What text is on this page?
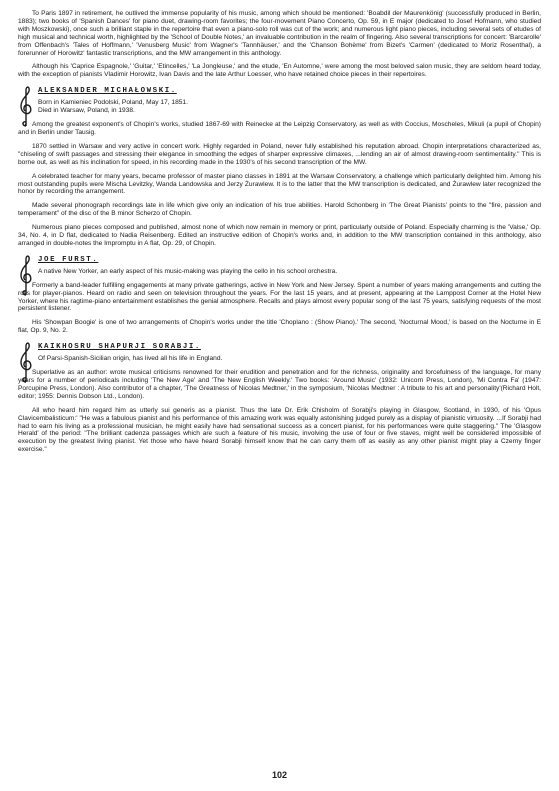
To Paris 1897 in retirement, he outlived the immense popularity of his music, among which should be mentioned: 'Boabdil der Maurenkönig' (successfully produced in Berlin, 1883); two books of 'Spanish Dances' for piano duet, drawing-room favorites; the four-movement Piano Concerto, Op. 59, in E major (dedicated to Josef Hofmann, who studied with Moszkowski), once such a brilliant staple in the repertoire that even a piano-solo roll was cut of the work; and numerous light piano pieces, including several sets of etudes of high musical and technical worth, highlighted by the 'School of Double Notes,' an invaluable contribution in the realm of fingering. Also several transcriptions for concert: 'Barcarolle' from Offenbach's 'Tales of Hoffmann,' 'Venusberg Music' from Wagner's 'Tannhäuser,' and the 'Chanson Bohème' from Bizet's 'Carmen' (dedicated to Moriz Rosenthal), a forerunner of Horowitz' fantastic transcriptions, and the MW arrangement in this anthology.

Although his 'Caprice Espagnole,' 'Guitar,' 'Etincelles,' 'La Jongleuse,' and the etude, 'En Automne,' were among the most beloved salon music, they are seldom heard today, with the exception of pianists Vladimir Horowitz, Ivan Davis and the late Arthur Loesser, who have retained choice pieces in their repertoires.

ALEKSANDER MICHAŁOWSKI.

Born in Kamieniec Podolski, Poland, May 17, 1851.

Died in Warsaw, Poland, in 1938.

Among the greatest exponent's of Chopin's works, studied 1867-69 with Reinecke at the Leipzig Conservatory, as well as with Coccius, Moscheles, Mikuli (a pupil of Chopin) and in Berlin under Tausig.

1870 settled in Warsaw and very active in concert work. Highly regarded in Poland, never fully established his reputation abroad. Chopin interpretations characterized as, "chiseling of swift passages and stressing their elegance in smoothing the edges of sharper expressive climaxes, ...lending an air of almost drawing-room sentimentality." This is borne out, as well as his inclination for speed, in his recording made in the 1930's of his second transcription of the MW.

A celebrated teacher for many years, became professor of master piano classes in 1891 at the Warsaw Conservatory, a challenge which particularly delighted him. Among his most outstanding pupils were Mischa Levitzky, Wanda Landowska and Jerzy Żurawlew. It is to the latter that the MW transcription is dedicated, and Żurawlew later recognized the honor by recording the arrangement.

Made several phonograph recordings late in life which give only an indication of his true abilities. Harold Schonberg in 'The Great Pianists' points to the "fire, passion and temperament" of the disc of the B minor Scherzo of Chopin.

Numerous piano pieces composed and published, almost none of which now remain in memory or print, particularly outside of Poland. Especially charming is the 'Valse,' Op. 34, No. 4, in D flat, dedicated to Nadia Reisenberg. Edited an instructive edition of Chopin's works and, in addition to the MW transcription contained in this anthology, also arranged in double-notes the Impromptu in A flat, Op. 29, of Chopin.

JOE FURST.

A native New Yorker, an early aspect of his music-making was playing the cello in his school orchestra.

Formerly a band-leader fulfilling engagements at many private gatherings, active in New York and New Jersey. Spent a number of years making arrangements and cutting the rolls for player-pianos. Heard on radio and seen on television throughout the years. For the last 15 years, and at present, appearing at the Lamppost Corner at the Hotel New Yorker, where his ragtime-piano entertainment establishes the genial atmosphere. Recalls and plays almost every popular song of the last 75 years, satisfying requests of the most persistent listener.

His 'Showpan Boogie' is one of two arrangements of Chopin's works under the title 'Choplano : (Show Piano).' The second, 'Nocturnal Mood,' is based on the Nocturne in E flat, Op. 9, No. 2.

KAIKHOSRU SHAPURJI SORABJI.

Of Parsi-Spanish-Sicilian origin, has lived all his life in England.

Superlative as an author: wrote musical criticisms renowned for their erudition and penetration and for the richness, originality and forcefulness of the language, for many years for a number of periodicals including 'The New Age' and 'The New English Weekly.' Two books: 'Around Music' (1932: Unicorn Press, London), 'Mi Contra Fa' (1947: Porcupine Press, London). Also contributor of a chapter, 'The Greatness of Nicolas Medtner,' in the symposium, 'Nicolas Medtner : A tribute to his art and personality'(Richard Holt, editor; 1955: Dennis Dobson Ltd., London).

All who heard him regard him as utterly sui generis as a pianist. Thus the late Dr. Erik Chisholm of Sorabji's playing in Glasgow, Scotland, in 1930, of his 'Opus Clavicembalisticum:' "He was a fabulous pianist and his performance of this amazing work was equally astonishing judged purely as a display of pianistic virtuosity. ...If Sorabji had had to earn his living as a professional musician, he might easily have had sensational success as a concert pianist, for his performances were quite staggering." The 'Glasgow Herald' of the period: "The brilliant cadenza passages which are such a feature of his music, involving the use of four or five staves, might well be considered impossible of execution by the greatest living pianist. Yet those who have heard Sorabji himself know that he can carry them off as easily as any other pianist might play a Czerny finger exercise."

102
